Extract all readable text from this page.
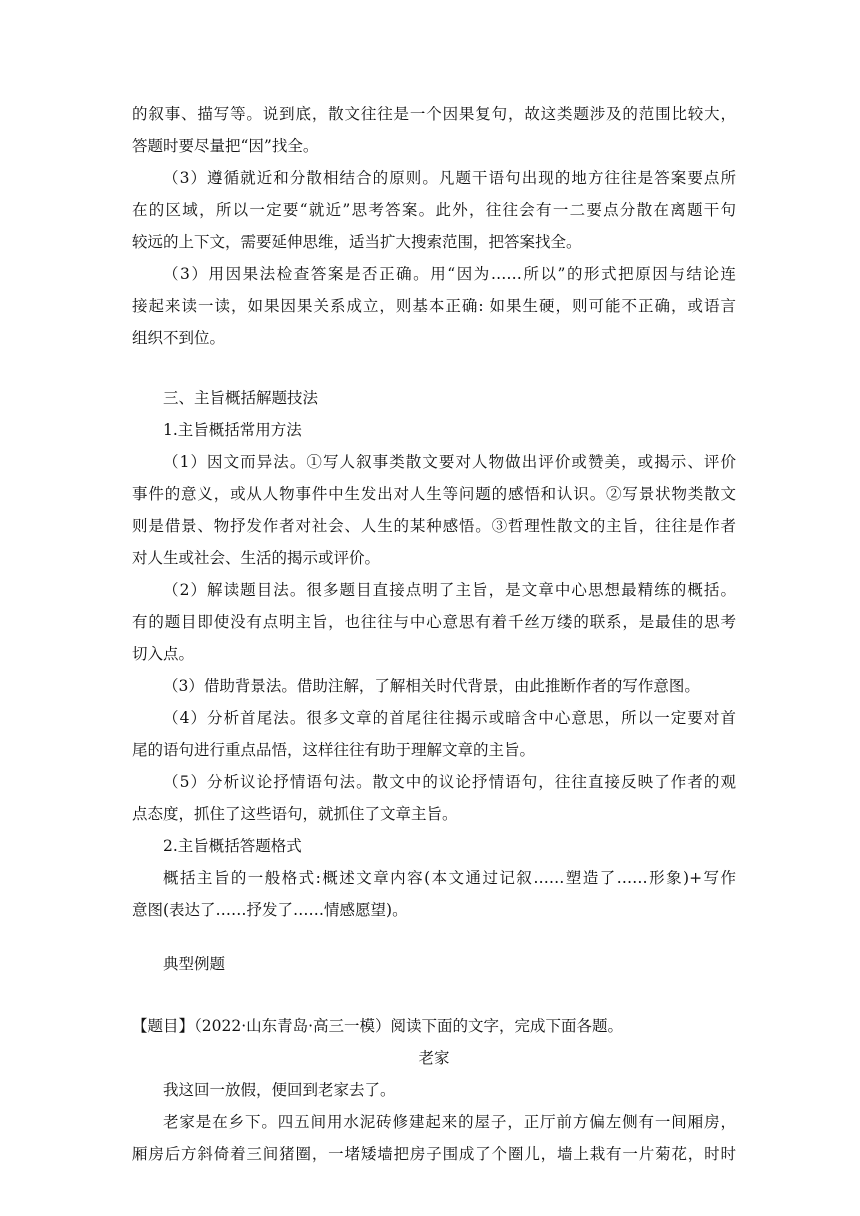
的叙事、描写等。说到底，散文往往是一个因果复句，故这类题涉及的范围比较大，
答题时要尽量把“因”找全。
（3）遵循就近和分散相结合的原则。凡题干语句出现的地方往往是答案要点所
在的区域，所以一定要“就近”思考答案。此外，往往会有一二要点分散在离题干句
较远的上下文，需要延伸思维，适当扩大搜索范围，把答案找全。
（3）用因果法检查答案是否正确。用“因为……所以”的形式把原因与结论连
接起来读一读，如果因果关系成立，则基本正确: 如果生硬，则可能不正确，或语言
组织不到位。
三、主旨概括解题技法
1.主旨概括常用方法
（1）因文而异法。①写人叙事类散文要对人物做出评价或赞美，或揭示、评价
事件的意义，或从人物事件中生发出对人生等问题的感悟和认识。②写景状物类散文
则是借景、物抒发作者对社会、人生的某种感悟。③哲理性散文的主旨，往往是作者
对人生或社会、生活的揭示或评价。
（2）解读题目法。很多题目直接点明了主旨，是文章中心思想最精练的概括。
有的题目即使没有点明主旨，也往往与中心意思有着千丝万缕的联系，是最佳的思考
切入点。
（3）借助背景法。借助注解，了解相关时代背景，由此推断作者的写作意图。
（4）分析首尾法。很多文章的首尾往往揭示或暗含中心意思，所以一定要对首
尾的语句进行重点品悟，这样往往有助于理解文章的主旨。
（5）分析议论抒情语句法。散文中的议论抒情语句，往往直接反映了作者的观
点态度，抓住了这些语句，就抓住了文章主旨。
2.主旨概括答题格式
概括主旨的一般格式:概述文章内容(本文通过记叙……塑造了……形象)+写作
意图(表达了……抒发了……情感愿望)。
典型例题
【题目】（2022·山东青岛·高三一模）阅读下面的文字，完成下面各题。
老家
我这回一放假，便回到老家去了。
老家是在乡下。四五间用水泥砖修建起来的屋子，正厅前方偏左侧有一间厢房，
厢房后方斜倚着三间猪圈，一堵矮墙把房子围成了个圈儿，墙上栽有一片菊花，时时
